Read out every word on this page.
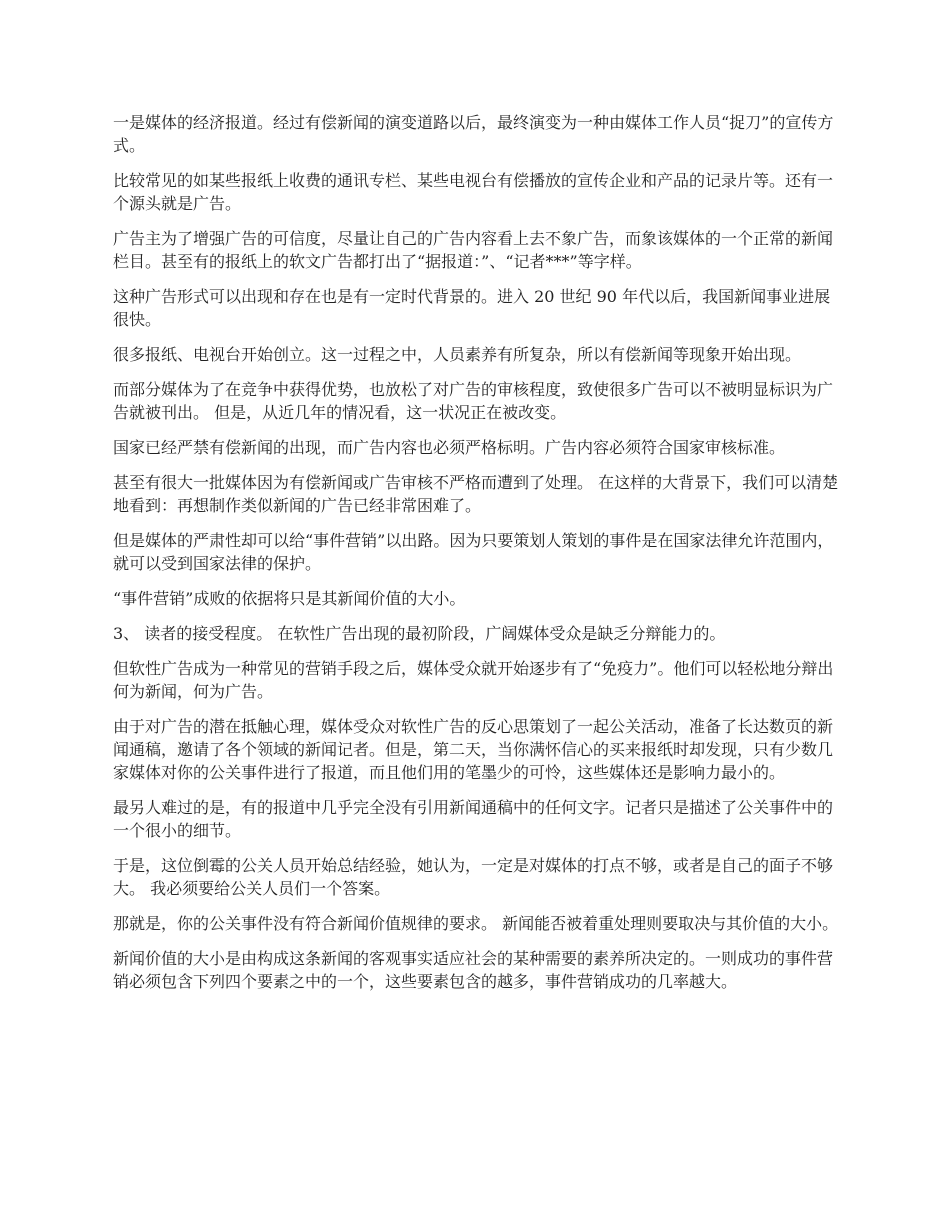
一是媒体的经济报道。经过有偿新闻的演变道路以后，最终演变为一种由媒体工作人员“捉刀”的宣传方式。

比较常见的如某些报纸上收费的通讯专栏、某些电视台有偿播放的宣传企业和产品的记录片等。还有一个源头就是广告。

广告主为了增强广告的可信度，尽量让自己的广告内容看上去不象广告，而象该媒体的一个正常的新闻栏目。甚至有的报纸上的软文广告都打出了“据报道：”、“记者***”等字样。

这种广告形式可以出现和存在也是有一定时代背景的。进入 20 世纪 90 年代以后，我国新闻事业进展很快。

很多报纸、电视台开始创立。这一过程之中，人员素养有所复杂，所以有偿新闻等现象开始出现。

而部分媒体为了在竞争中获得优势，也放松了对广告的审核程度，致使很多广告可以不被明显标识为广告就被刊出。 但是，从近几年的情况看，这一状况正在被改变。

国家已经严禁有偿新闻的出现，而广告内容也必须严格标明。广告内容必须符合国家审核标准。

甚至有很大一批媒体因为有偿新闻或广告审核不严格而遭到了处理。 在这样的大背景下，我们可以清楚地看到：再想制作类似新闻的广告已经非常困难了。

但是媒体的严肃性却可以给“事件营销”以出路。因为只要策划人策划的事件是在国家法律允许范围内，就可以受到国家法律的保护。

“事件营销”成败的依据将只是其新闻价值的大小。

3、 读者的接受程度。 在软性广告出现的最初阶段，广阔媒体受众是缺乏分辩能力的。

但软性广告成为一种常见的营销手段之后，媒体受众就开始逐步有了“免疫力”。他们可以轻松地分辩出何为新闻，何为广告。

由于对广告的潜在抵触心理，媒体受众对软性广告的反心思策划了一起公关活动，准备了长达数页的新闻通稿，邀请了各个领域的新闻记者。但是，第二天，当你满怀信心的买来报纸时却发现，只有少数几家媒体对你的公关事件进行了报道，而且他们用的笔墨少的可怜，这些媒体还是影响力最小的。

最另人难过的是，有的报道中几乎完全没有引用新闻通稿中的任何文字。记者只是描述了公关事件中的一个很小的细节。

于是，这位倒霉的公关人员开始总结经验，她认为，一定是对媒体的打点不够，或者是自己的面子不够大。 我必须要给公关人员们一个答案。

那就是，你的公关事件没有符合新闻价值规律的要求。 新闻能否被着重处理则要取决与其价值的大小。

新闻价值的大小是由构成这条新闻的客观事实适应社会的某种需要的素养所决定的。一则成功的事件营销必须包含下列四个要素之中的一个，这些要素包含的越多，事件营销成功的几率越大。
